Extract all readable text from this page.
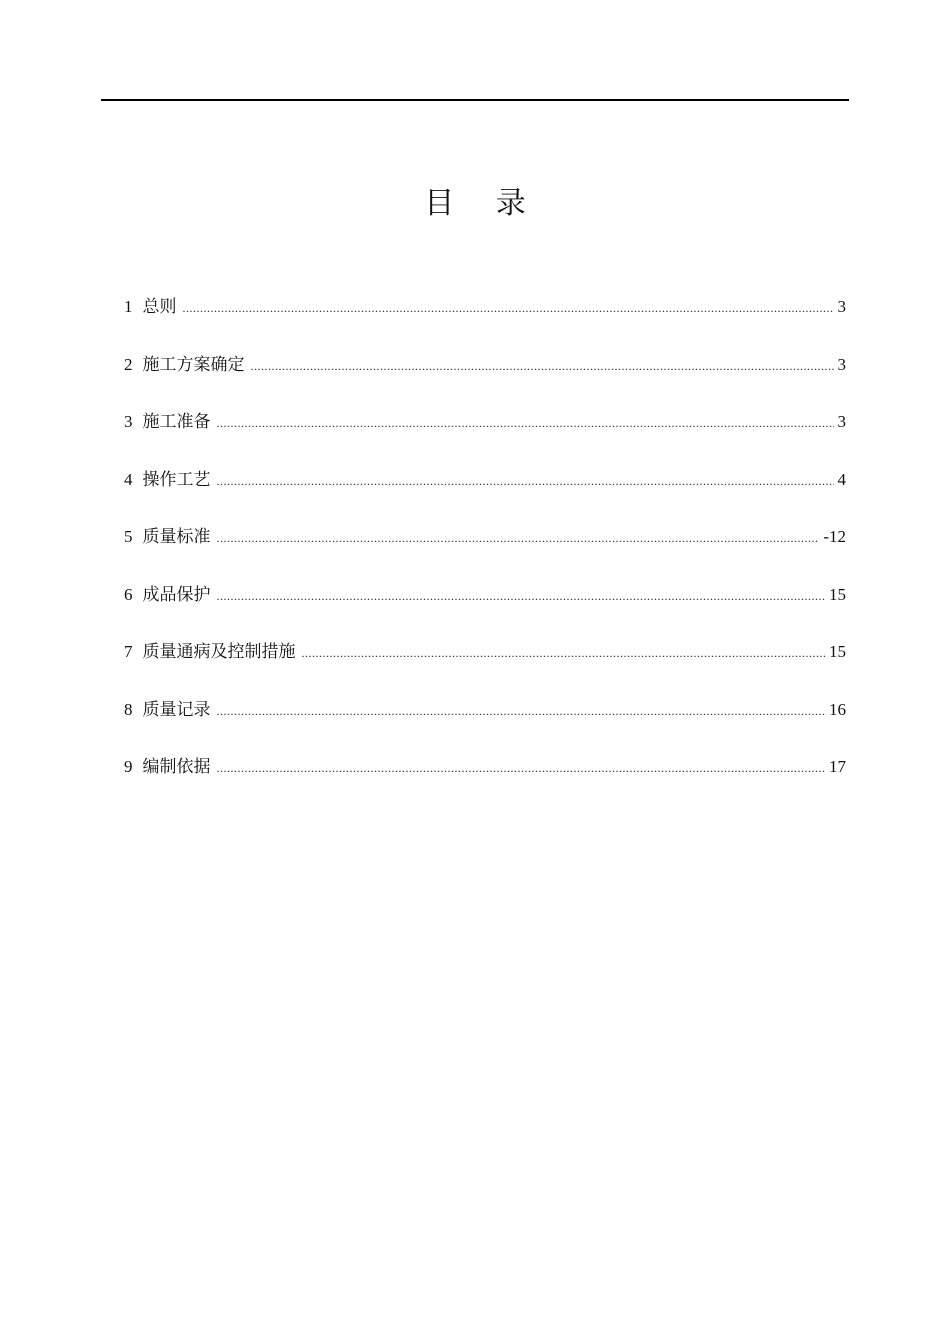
目 录
1 总则 .....	3
2 施工方案确定 .....	3
3 施工准备 .....	3
4 操作工艺 .....	4
5 质量标准 .....	-12
6 成品保护 .....	15
7 质量通病及控制措施 .....	15
8 质量记录 .....	16
9 编制依据 .....	17
